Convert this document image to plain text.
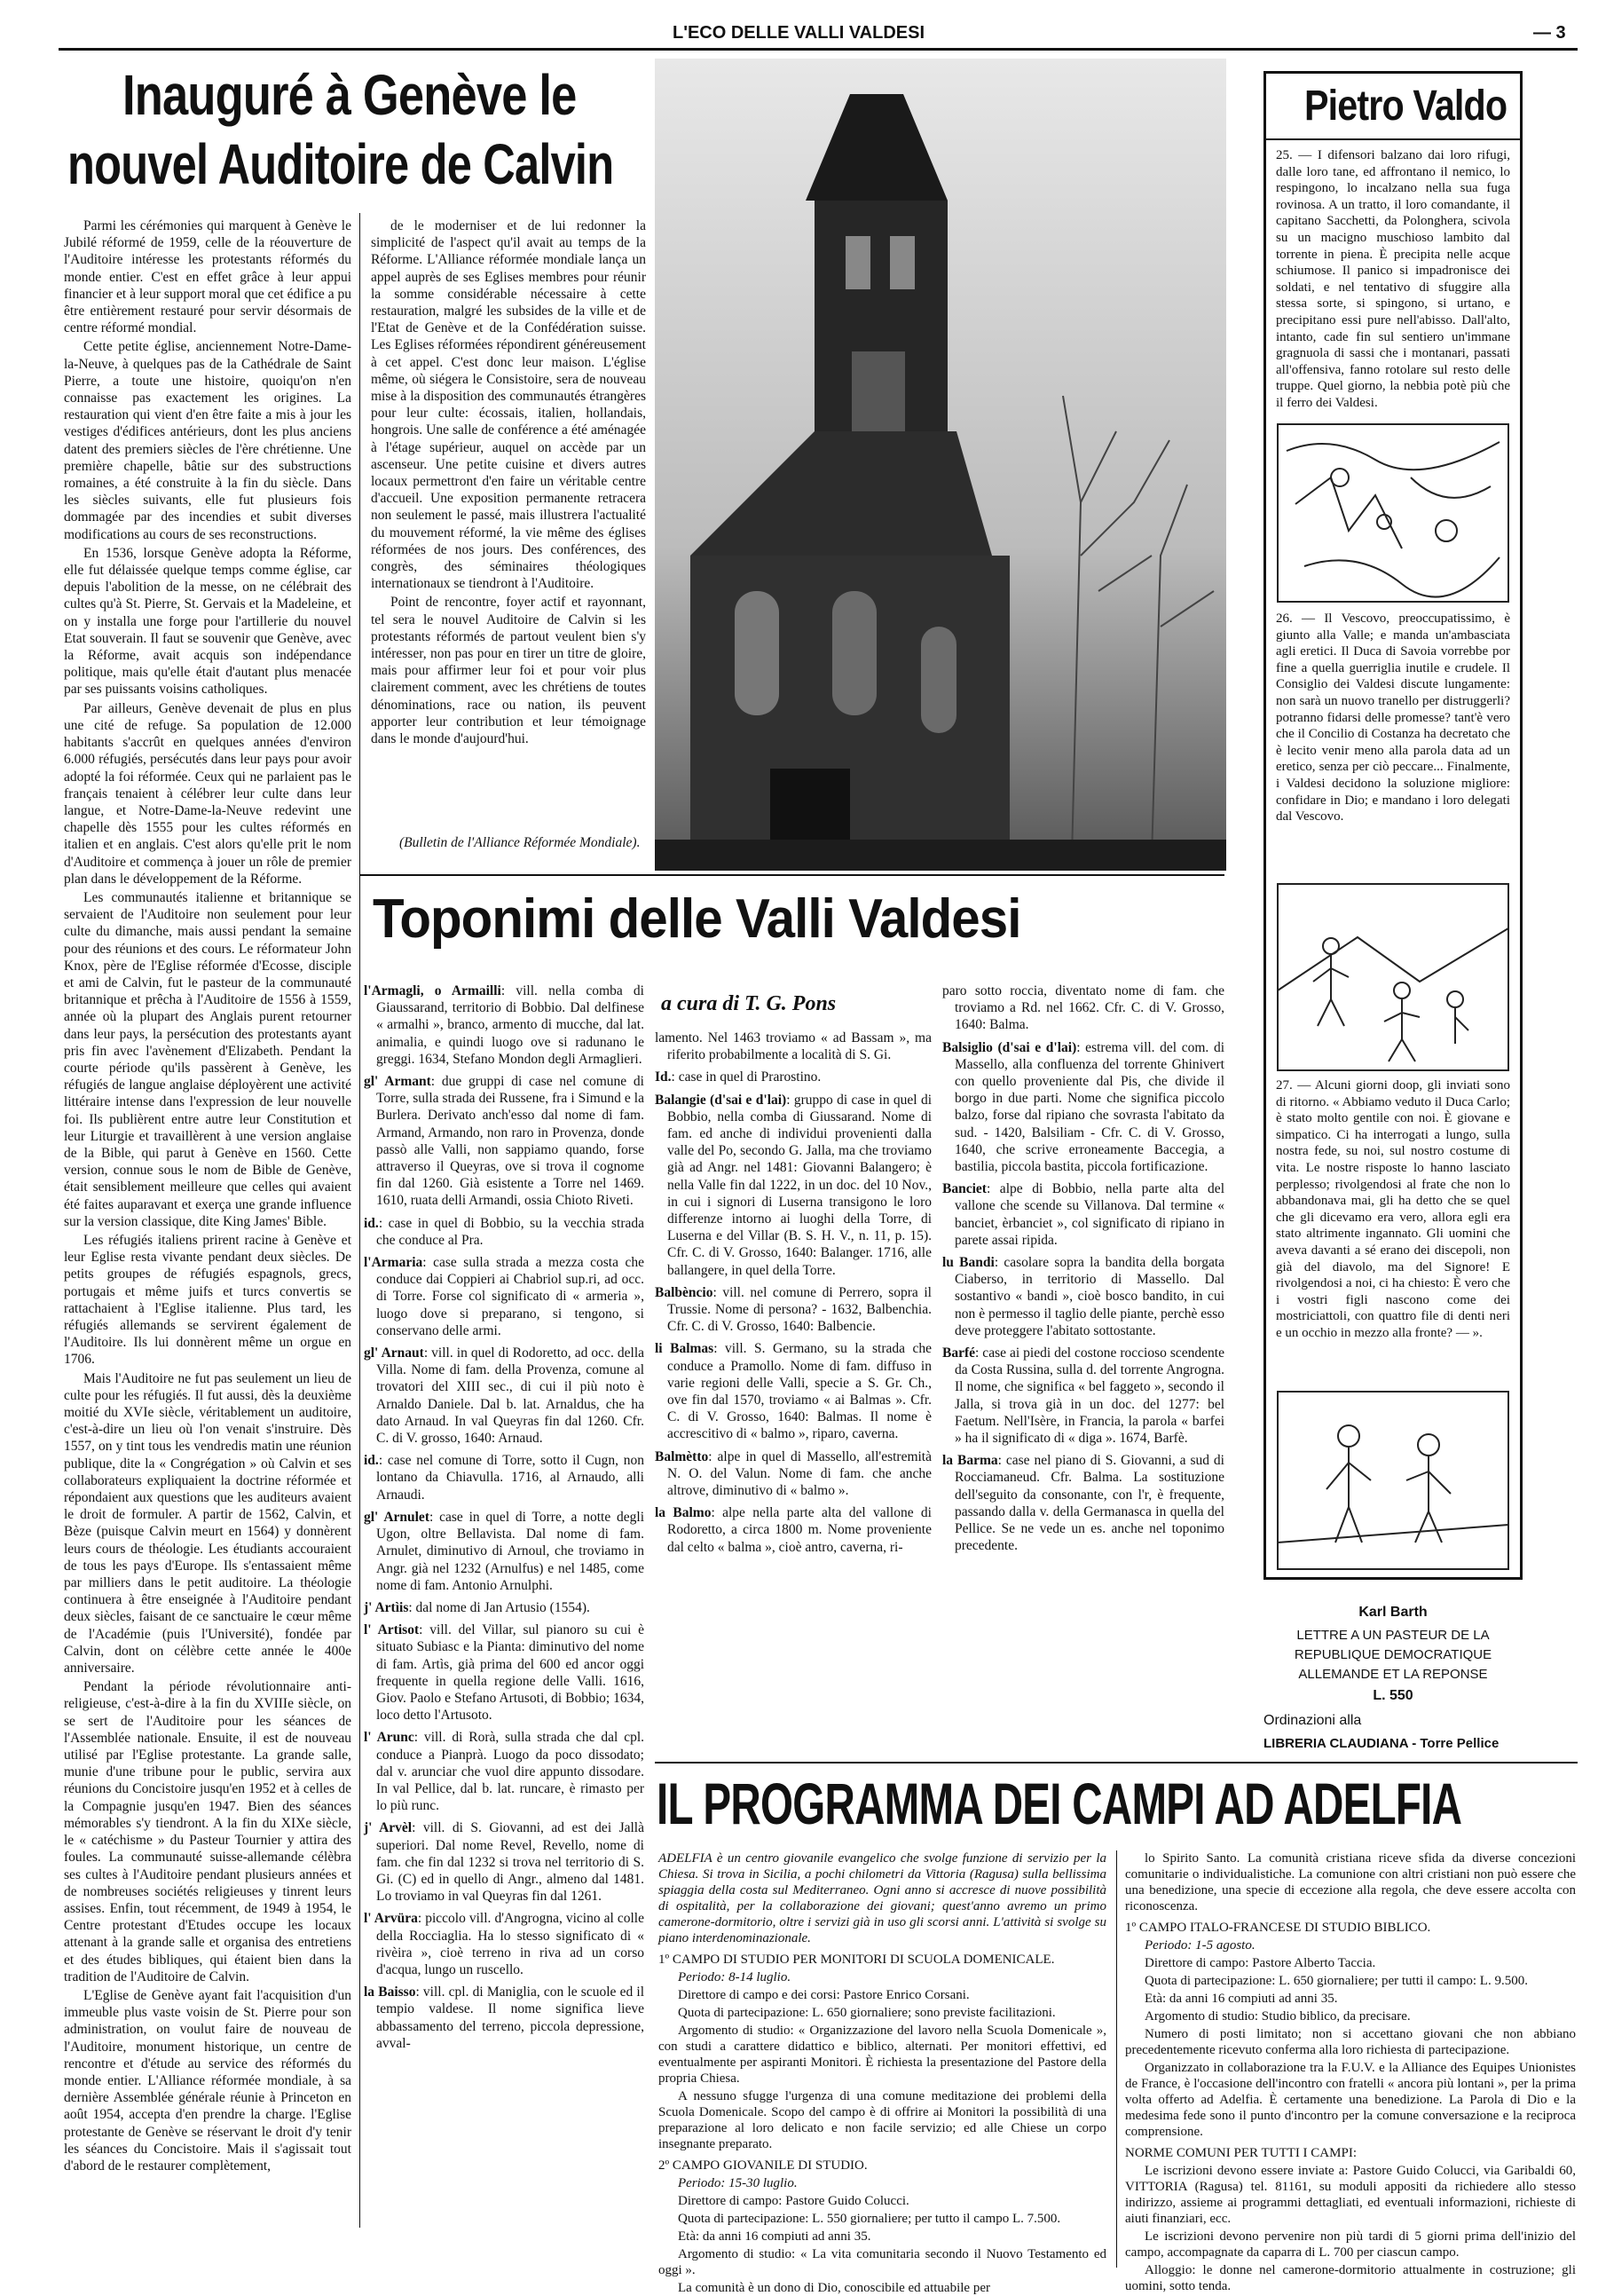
L'ECO DELLE VALLI VALDESI	— 3
Inauguré à Genève le
nouvel Auditoire de Calvin

Parmi les cérémonies qui marquent à Genève le Jubilé réformé de 1959, celle de la réouverture de l'Auditoire intéresse les protestants réformés du monde entier. C'est en effet grâce à leur appui financier et à leur support moral que cet édifice a pu être entièrement restauré pour servir désormais de centre réformé mondial.

Cette petite église, anciennement Notre-Dame-la-Neuve, à quelques pas de la Cathédrale de Saint Pierre, a toute une histoire, quoiqu'on n'en connaisse pas exactement les origines. La restauration qui vient d'en être faite a mis à jour les vestiges d'édifices antérieurs, dont les plus anciens datent des premiers siècles de l'ère chrétienne. Une première chapelle, bâtie sur des substructions romaines, a été construite à la fin du siècle. Dans les siècles suivants, elle fut plusieurs fois dommagée par des incendies et subit diverses modifications au cours de ses reconstructions.

En 1536, lorsque Genève adopta la Réforme, elle fut délaissée quelque temps comme église, car depuis l'abolition de la messe, on ne célébrait des cultes qu'à St. Pierre, St. Gervais et la Madeleine, et on y installa une forge pour l'artillerie du nouvel Etat souverain. Il faut se souvenir que Genève, avec la Réforme, avait acquis son indépendance politique, mais qu'elle était d'autant plus menacée par ses puissants voisins catholiques.

Par ailleurs, Genève devenait de plus en plus une cité de refuge. Sa population de 12.000 habitants s'accrût en quelques années d'environ 6.000 réfugiés, persécutés dans leur pays pour avoir adopté la foi réformée. Ceux qui ne parlaient pas le français tenaient à célébrer leur culte dans leur langue, et Notre-Dame-la-Neuve redevint une chapelle dès 1555 pour les cultes réformés en italien et en anglais. C'est alors qu'elle prit le nom d'Auditoire et commença à jouer un rôle de premier plan dans le développement de la Réforme.

Les communautés italienne et britannique se servaient de l'Auditoire non seulement pour leur culte du dimanche, mais aussi pendant la semaine pour des réunions et des cours. Le réformateur John Knox, père de l'Eglise réformée d'Ecosse, disciple et ami de Calvin, fut le pasteur de la communauté britannique et prêcha à l'Auditoire de 1556 à 1559, année où la plupart des Anglais purent retourner dans leur pays, la persécution des protestants ayant pris fin avec l'avènement d'Elizabeth. Pendant la courte période qu'ils passèrent à Genève, les réfugiés de langue anglaise déployèrent une activité littéraire intense dans l'expression de leur nouvelle foi. Ils publièrent entre autre leur Constitution et leur Liturgie et travaillèrent à une version anglaise de la Bible, qui parut à Genève en 1560. Cette version, connue sous le nom de Bible de Genève, était sensiblement meilleure que celles qui avaient été faites auparavant et exerça une grande influence sur la version classique, dite King James' Bible.

Les réfugiés italiens prirent racine à Genève et leur Eglise resta vivante pendant deux siècles. De petits groupes de réfugiés espagnols, grecs, portugais et même juifs et turcs convertis se rattachaient à l'Eglise italienne. Plus tard, les réfugiés allemands se servirent également de l'Auditoire. Ils lui donnèrent même un orgue en 1706.

Mais l'Auditoire ne fut pas seulement un lieu de culte pour les réfugiés. Il fut aussi, dès la deuxième moitié du XVIe siècle, véritablement un auditoire, c'est-à-dire un lieu où l'on venait s'instruire. Dès 1557, on y tint tous les vendredis matin une réunion publique, dite la « Congrégation » où Calvin et ses collaborateurs expliquaient la doctrine réformée et répondaient aux questions que les auditeurs avaient le droit de formuler. A partir de 1562, Calvin, et Bèze (puisque Calvin meurt en 1564) y donnèrent leurs cours de théologie. Les étudiants accouraient de tous les pays d'Europe. Ils s'entassaient même par milliers dans le petit auditoire. La théologie continuera à être enseignée à l'Auditoire pendant deux siècles, faisant de ce sanctuaire le cœur même de l'Académie (puis l'Université), fondée par Calvin, dont on célèbre cette année le 400e anniversaire.

Pendant la période révolutionnaire anti-religieuse, c'est-à-dire à la fin du XVIIIe siècle, on se sert de l'Auditoire pour les séances de l'Assemblée nationale. Ensuite, il est de nouveau utilisé par l'Eglise protestante. La grande salle, munie d'une tribune pour le public, servira aux réunions du Concistoire jusqu'en 1952 et à celles de la Compagnie jusqu'en 1947. Bien des séances mémorables s'y tiendront. A la fin du XIXe siècle, le « catéchisme » du Pasteur Tournier y attira des foules. La communauté suisse-allemande célèbra ses cultes à l'Auditoire pendant plusieurs années et de nombreuses sociétés religieuses y tinrent leurs assises. Enfin, tout récemment, de 1949 à 1954, le Centre protestant d'Etudes occupe les locaux attenant à la grande salle et organisa des entretiens et des études bibliques, qui étaient bien dans la tradition de l'Auditoire de Calvin.

L'Eglise de Genève ayant fait l'acquisition d'un immeuble plus vaste voisin de St. Pierre pour son administration, on voulut faire de nouveau de l'Auditoire, monument historique, un centre de rencontre et d'étude au service des réformés du monde entier. L'Alliance réformée mondiale, à sa dernière Assemblée générale réunie à Princeton en août 1954, accepta d'en prendre la charge. l'Eglise protestante de Genève se réservant le droit d'y tenir les séances du Concistoire. Mais il s'agissait tout d'abord de le restaurer complètement,

de le moderniser et de lui redonner la simplicité de l'aspect qu'il avait au temps de la Réforme. L'Alliance réformée mondiale lança un appel auprès de ses Eglises membres pour réunir la somme considérable nécessaire à cette restauration, malgré les subsides de la ville et de l'Etat de Genève et de la Confédération suisse. Les Eglises réformées répondirent généreusement à cet appel. C'est donc leur maison. L'église même, où siégera le Consistoire, sera de nouveau mise à la disposition des communautés étrangères pour leur culte: écossais, italien, hollandais, hongrois. Une salle de conférence a été aménagée à l'étage supérieur, auquel on accède par un ascenseur. Une petite cuisine et divers autres locaux permettront d'en faire un véritable centre d'accueil. Une exposition permanente retracera non seulement le passé, mais illustrera l'actualité du mouvement réformé, la vie même des églises réformées de nos jours. Des conférences, des congrès, des séminaires théologiques internationaux se tiendront à l'Auditoire.

Point de rencontre, foyer actif et rayonnant, tel sera le nouvel Auditoire de Calvin si les protestants réformés de partout veulent bien s'y intéresser, non pas pour en tirer un titre de gloire, mais pour affirmer leur foi et pour voir plus clairement comment, avec les chrétiens de toutes dénominations, race ou nation, ils peuvent apporter leur contribution et leur témoignage dans le monde d'aujourd'hui.

(Bulletin de l'Alliance Réformée Mondiale).
Toponimi delle Valli Valdesi
l'Armagli, o Armailli: vill. nella comba di Giaussarand, territorio di Bobbio. Dal delfinese « armalhi », branco, armento di mucche, dal lat. animalia, e quindi luogo ove si radunano le greggi. 1634, Stefano Mondon degli Armaglieri.
gl' Armant: due gruppi di case nel comune di Torre, sulla strada dei Russene, fra i Simund e la Burlera. Derivato anch'esso dal nome di fam. Armand, Armando, non raro in Provenza, donde passò alle Valli, non sappiamo quando, forse attraverso il Queyras, ove si trova il cognome fin dal 1260. Già esistente a Torre nel 1469. 1610, ruata delli Armandi, ossia Chioto Riveti.
id.: case in quel di Bobbio, su la vecchia strada che conduce al Pra.
l'Armaria: case sulla strada a mezza costa che conduce dai Coppieri ai Chabriol sup.ri, ad occ. di Torre. Forse col significato di « armeria », luogo dove si preparano, si tengono, si conservano delle armi.
gl' Arnaut: vill. in quel di Rodoretto, ad occ. della Villa. Nome di fam. della Provenza, comune al trovatori del XIII sec., di cui il più noto è Arnaldo Daniele. Dal b. lat. Arnaldus, che ha dato Arnaud. In val Queyras fin dal 1260. Cfr. C. di V. grosso, 1640: Arnaud.
id.: case nel comune di Torre, sotto il Cugn, non lontano da Chiavulla. 1716, al Arnaudo, alli Arnaudi.
gl' Arnulet: case in quel di Torre, a notte degli Ugon, oltre Bellavista. Dal nome di fam. Arnulet, diminutivo di Arnoul, che troviamo in Angr. già nel 1232 (Arnulfus) e nel 1485, come nome di fam. Antonio Arnulphi.
j' Artìis: dal nome di Jan Artusio (1554).
l' Artisot: vill. del Villar, sul pianoro su cui è situato Subiasc e la Pianta: diminutivo del nome di fam. Artìs, già prima del 600 ed ancor oggi frequente in quella regione delle Valli. 1616, Giov. Paolo e Stefano Artusoti, di Bobbio; 1634, loco detto l'Artusoto.
l' Arunc: vill. di Rorà, sulla strada che dal cpl. conduce a Pianprà. Luogo da poco dissodato; dal v. arunciar che vuol dire appunto dissodare. In val Pellice, dal b. lat. runcare, è rimasto per lo più runc.
j' Arvèl: vill. di S. Giovanni, ad est dei Jallà superiori. Dal nome Revel, Revello, nome di fam. che fin dal 1232 si trova nel territorio di S. Gi. (C) ed in quello di Angr., almeno dal 1481. Lo troviamo in val Queyras fin dal 1261.
l' Arvüra: piccolo vill. d'Angrogna, vicino al colle della Rocciaglia. Ha lo stesso significato di « rivèira », cioè terreno in riva ad un corso d'acqua, lungo un ruscello.
la Baisso: vill. cpl. di Maniglia, con le scuole ed il tempio valdese. Il nome significa lieve abbassamento del terreno, piccola depressione, avval-
a cura di T. G. Pons
lamento. Nel 1463 troviamo « ad Bassam », ma riferito probabilmente a località di S. Gi.
Id.: case in quel di Prarostino.
Balangie (d'sai e d'lai): gruppo di case in quel di Bobbio, nella comba di Giussarand. Nome di fam. ed anche di individui provenienti dalla valle del Po, secondo G. Jalla, ma che troviamo già ad Angr. nel 1481: Giovanni Balangero; è nella Valle fin dal 1222, in un doc. del 10 Nov., in cui i signori di Luserna transigono le loro differenze intorno ai luoghi della Torre, di Luserna e del Villar (B. S. H. V., n. 11, p. 15). Cfr. C. di V. Grosso, 1640: Balanger. 1716, alle ballangere, in quel della Torre.
Balbèncio: vill. nel comune di Perrero, sopra il Trussie. Nome di persona? - 1632, Balbenchia. Cfr. C. di V. Grosso, 1640: Balbencie.
li Balmas: vill. S. Germano, su la strada che conduce a Pramollo. Nome di fam. diffuso in varie regioni delle Valli, specie a S. Gr. Ch., ove fin dal 1570, troviamo « ai Balmas ». Cfr. C. di V. Grosso, 1640: Balmas. Il nome è accrescitivo di « balmo », riparo, caverna.
Balmètto: alpe in quel di Massello, all'estremità N. O. del Valun. Nome di fam. che anche altrove, diminutivo di « balmo ».
la Balmo: alpe nella parte alta del vallone di Rodoretto, a circa 1800 m. Nome proveniente dal celto « balma », cioè antro, caverna, ri-
paro sotto roccia, diventato nome di fam. che troviamo a Rd. nel 1662. Cfr. C. di V. Grosso, 1640: Balma.
Balsiglio (d'sai e d'lai): estrema vill. del com. di Massello, alla confluenza del torrente Ghinivert con quello proveniente dal Pis, che divide il borgo in due parti. Nome che significa piccolo balzo, forse dal ripiano che sovrasta l'abitato da sud. - 1420, Balsiliam - Cfr. C. di V. Grosso, 1640, che scrive erroneamente Baccegia, a bastilia, piccola bastita, piccola fortificazione.
Banciet: alpe di Bobbio, nella parte alta del vallone che scende su Villanova. Dal termine « banciet, èrbanciet », col significato di ripiano in parete assai ripida.
lu Bandi: casolare sopra la bandita della borgata Ciaberso, in territorio di Massello. Dal sostantivo « bandi », cioè bosco bandito, in cui non è permesso il taglio delle piante, perchè esso deve proteggere l'abitato sottostante.
Barfé: case ai piedi del costone roccioso scendente da Costa Russina, sulla d. del torrente Angrogna. Il nome, che significa « bel faggeto », secondo il Jalla, si trova già in un doc. del 1277: bel Faetum. Nell'Isère, in Francia, la parola « barfei » ha il significato di « diga ». 1674, Barfè.
la Barma: case nel piano di S. Giovanni, a sud di Rocciamaneud. Cfr. Balma. La sostituzione dell'seguito da consonante, con l'r, è frequente, passando dalla v. della Germanasca in quella del Pellice. Se ne vede un es. anche nel toponimo precedente.
Pietro Valdo
25. — I difensori balzano dai loro rifugi, dalle loro tane, ed affrontano il nemico, lo respingono, lo incalzano nella sua fuga rovinosa. A un tratto, il loro comandante, il capitano Sacchetti, da Polonghera, scivola su un macigno muschioso lambito dal torrente in piena. È precipita nelle acque schiumose. Il panico si impadronisce dei soldati, e nel tentativo di sfuggire alla stessa sorte, si spingono, si urtano, e precipitano essi pure nell'abisso. Dall'alto, intanto, cade fin sul sentiero un'immane gragnuola di sassi che i montanari, passati all'offensiva, fanno rotolare sul resto delle truppe. Quel giorno, la nebbia potè più che il ferro dei Valdesi.
26. — Il Vescovo, preoccupatissimo, è giunto alla Valle; e manda un'ambasciata agli eretici. Il Duca di Savoia vorrebbe por fine a quella guerriglia inutile e crudele. Il Consiglio dei Valdesi discute lungamente: non sarà un nuovo tranello per distruggerli? potranno fidarsi delle promesse? tant'è vero che il Concilio di Costanza ha decretato che è lecito venir meno alla parola data ad un eretico, senza per ciò peccare... Finalmente, i Valdesi decidono la soluzione migliore: confidare in Dio; e mandano i loro delegati dal Vescovo.
27. — Alcuni giorni doop, gli inviati sono di ritorno. « Abbiamo veduto il Duca Carlo; è stato molto gentile con noi. È giovane e simpatico. Ci ha interrogati a lungo, sulla nostra fede, su noi, sul nostro costume di vita. Le nostre risposte lo hanno lasciato perplesso; rivolgendosi al frate che non lo abbandonava mai, gli ha detto che se quel che gli dicevamo era vero, allora egli era stato altrimente ingannato. Gli uomini che aveva davanti a sé erano dei discepoli, non già del diavolo, ma del Signore! E rivolgendosi a noi, ci ha chiesto: È vero che i vostri figli nascono come dei mostriciattoli, con quattro file di denti neri e un occhio in mezzo alla fronte? — ».
Karl Barth
LETTRE A UN PASTEUR DE LA
REPUBLIQUE DEMOCRATIQUE
ALLEMANDE ET LA REPONSE
L. 550
Ordinazioni alla
LIBRERIA CLAUDIANA - Torre Pellice
IL PROGRAMMA DEI CAMPI AD ADELFIA

ADELFIA è un centro giovanile evangelico che svolge funzione di servizio per la Chiesa. Si trova in Sicilia, a pochi chilometri da Vittoria (Ragusa) sulla bellissima spiaggia della costa sul Mediterraneo. Ogni anno si accresce di nuove possibilità di ospitalità, per la collaborazione dei giovani; quest'anno avremo un primo camerone-dormitorio, oltre i servizi già in uso gli scorsi anni. L'attività si svolge su piano interdenominazionale.

1º CAMPO DI STUDIO PER MONITORI DI SCUOLA DOMENICALE.

Periodo: 8-14 luglio.

Direttore di campo e dei corsi: Pastore Enrico Corsani.

Quota di partecipazione: L. 650 giornaliere; sono previste facilitazioni.

Argomento di studio: « Organizzazione del lavoro nella Scuola Domenicale », con studi a carattere didattico e biblico, alternati. Per monitori effettivi, ed eventualmente per aspiranti Monitori. È richiesta la presentazione del Pastore della propria Chiesa.

A nessuno sfugge l'urgenza di una comune meditazione dei problemi della Scuola Domenicale. Scopo del campo è di offrire ai Monitori la possibilità di una preparazione al loro delicato e non facile servizio; ed alle Chiese un corpo insegnante preparato.

2º CAMPO GIOVANILE DI STUDIO.

Periodo: 15-30 luglio.

Direttore di campo: Pastore Guido Colucci.

Quota di partecipazione: L. 550 giornaliere; per tutto il campo L. 7.500.

Età: da anni 16 compiuti ad anni 35.

Argomento di studio: « La vita comunitaria secondo il Nuovo Testamento ed oggi ».

La comunità è un dono di Dio, conoscibile ed attuabile per

lo Spirito Santo. La comunità cristiana riceve sfida da diverse concezioni comunitarie o individualistiche. La comunione con altri cristiani non può essere che una benedizione, una specie di eccezione alla regola, che deve essere accolta con riconoscenza.

1º CAMPO ITALO-FRANCESE DI STUDIO BIBLICO.

Periodo: 1-5 agosto.

Direttore di campo: Pastore Alberto Taccia.

Quota di partecipazione: L. 650 giornaliere; per tutti il campo: L. 9.500.

Età: da anni 16 compiuti ad anni 35.

Argomento di studio: Studio biblico, da precisare.

Numero di posti limitato; non si accettano giovani che non abbiano precedentemente ricevuto conferma alla loro richiesta di partecipazione.

Organizzato in collaborazione tra la F.U.V. e la Alliance des Equipes Unionistes de France, è l'occasione dell'incontro con fratelli « ancora più lontani », per la prima volta offerto ad Adelfia. È certamente una benedizione. La Parola di Dio e la medesima fede sono il punto d'incontro per la comune conversazione e la reciproca comprensione.

NORME COMUNI PER TUTTI I CAMPI:

Le iscrizioni devono essere inviate a: Pastore Guido Colucci, via Garibaldi 60, VITTORIA (Ragusa) tel. 81161, su moduli appositi da richiedere allo stesso indirizzo, assieme ai programmi dettagliati, ed eventuali informazioni, richieste di aiuti finanziari, ecc.

Le iscrizioni devono pervenire non più tardi di 5 giorni prima dell'inizio del campo, accompagnate da caparra di L. 700 per ciascun campo.

Alloggio: le donne nel camerone-dormitorio attualmente in costruzione; gli uomini, sotto tenda.
